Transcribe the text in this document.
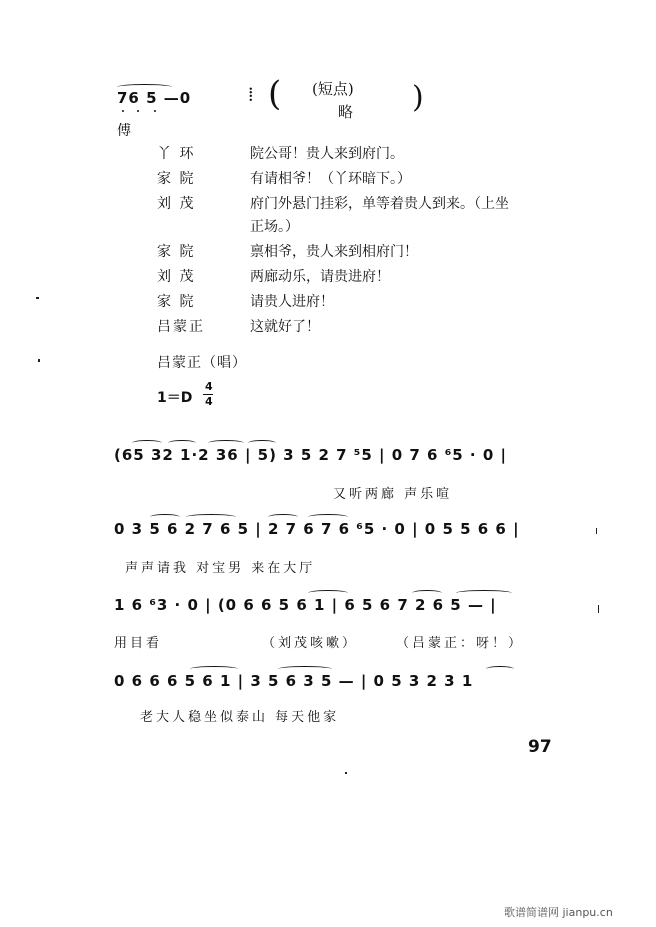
76 5 —0	⁞ ( (短点)
略 )
傅
丫 环	院公哥！贵人来到府门。
家 院	有请相爷！（丫环暗下。）
刘 茂	府门外悬门挂彩，单等着贵人到来。（上坐
正场。）
家 院	禀相爷，贵人来到相府门！
刘 茂	两廊动乐，请贵进府！
家 院	请贵人进府！
吕蒙正	这就好了！
吕蒙正（唱）
1＝D
4
4
(65 32 1·2 36 | 5) 3 5 2 7 ⁵5 | 0 7 6 ⁶5 · 0 |
又听两廊 声乐喧
0 3 5 6 2 7 6 5 | 2 7 6 7 6 ⁶5 · 0 | 0 5 5 6 6 |
声声请我 对宝男 来在大厅
1 6 ⁶3 · 0 | (0 6 6 5 6 1 | 6 5 6 7 2 6 5 — |
用目看	（刘茂咳嗽）	（吕蒙正：呀！）
0 6 6 6 5 6 1 | 3 5 6 3 5 — | 0 5 3 2 3 1
老大人稳坐似泰山 每天他家
97
歌谱简谱网 jianpu.cn
